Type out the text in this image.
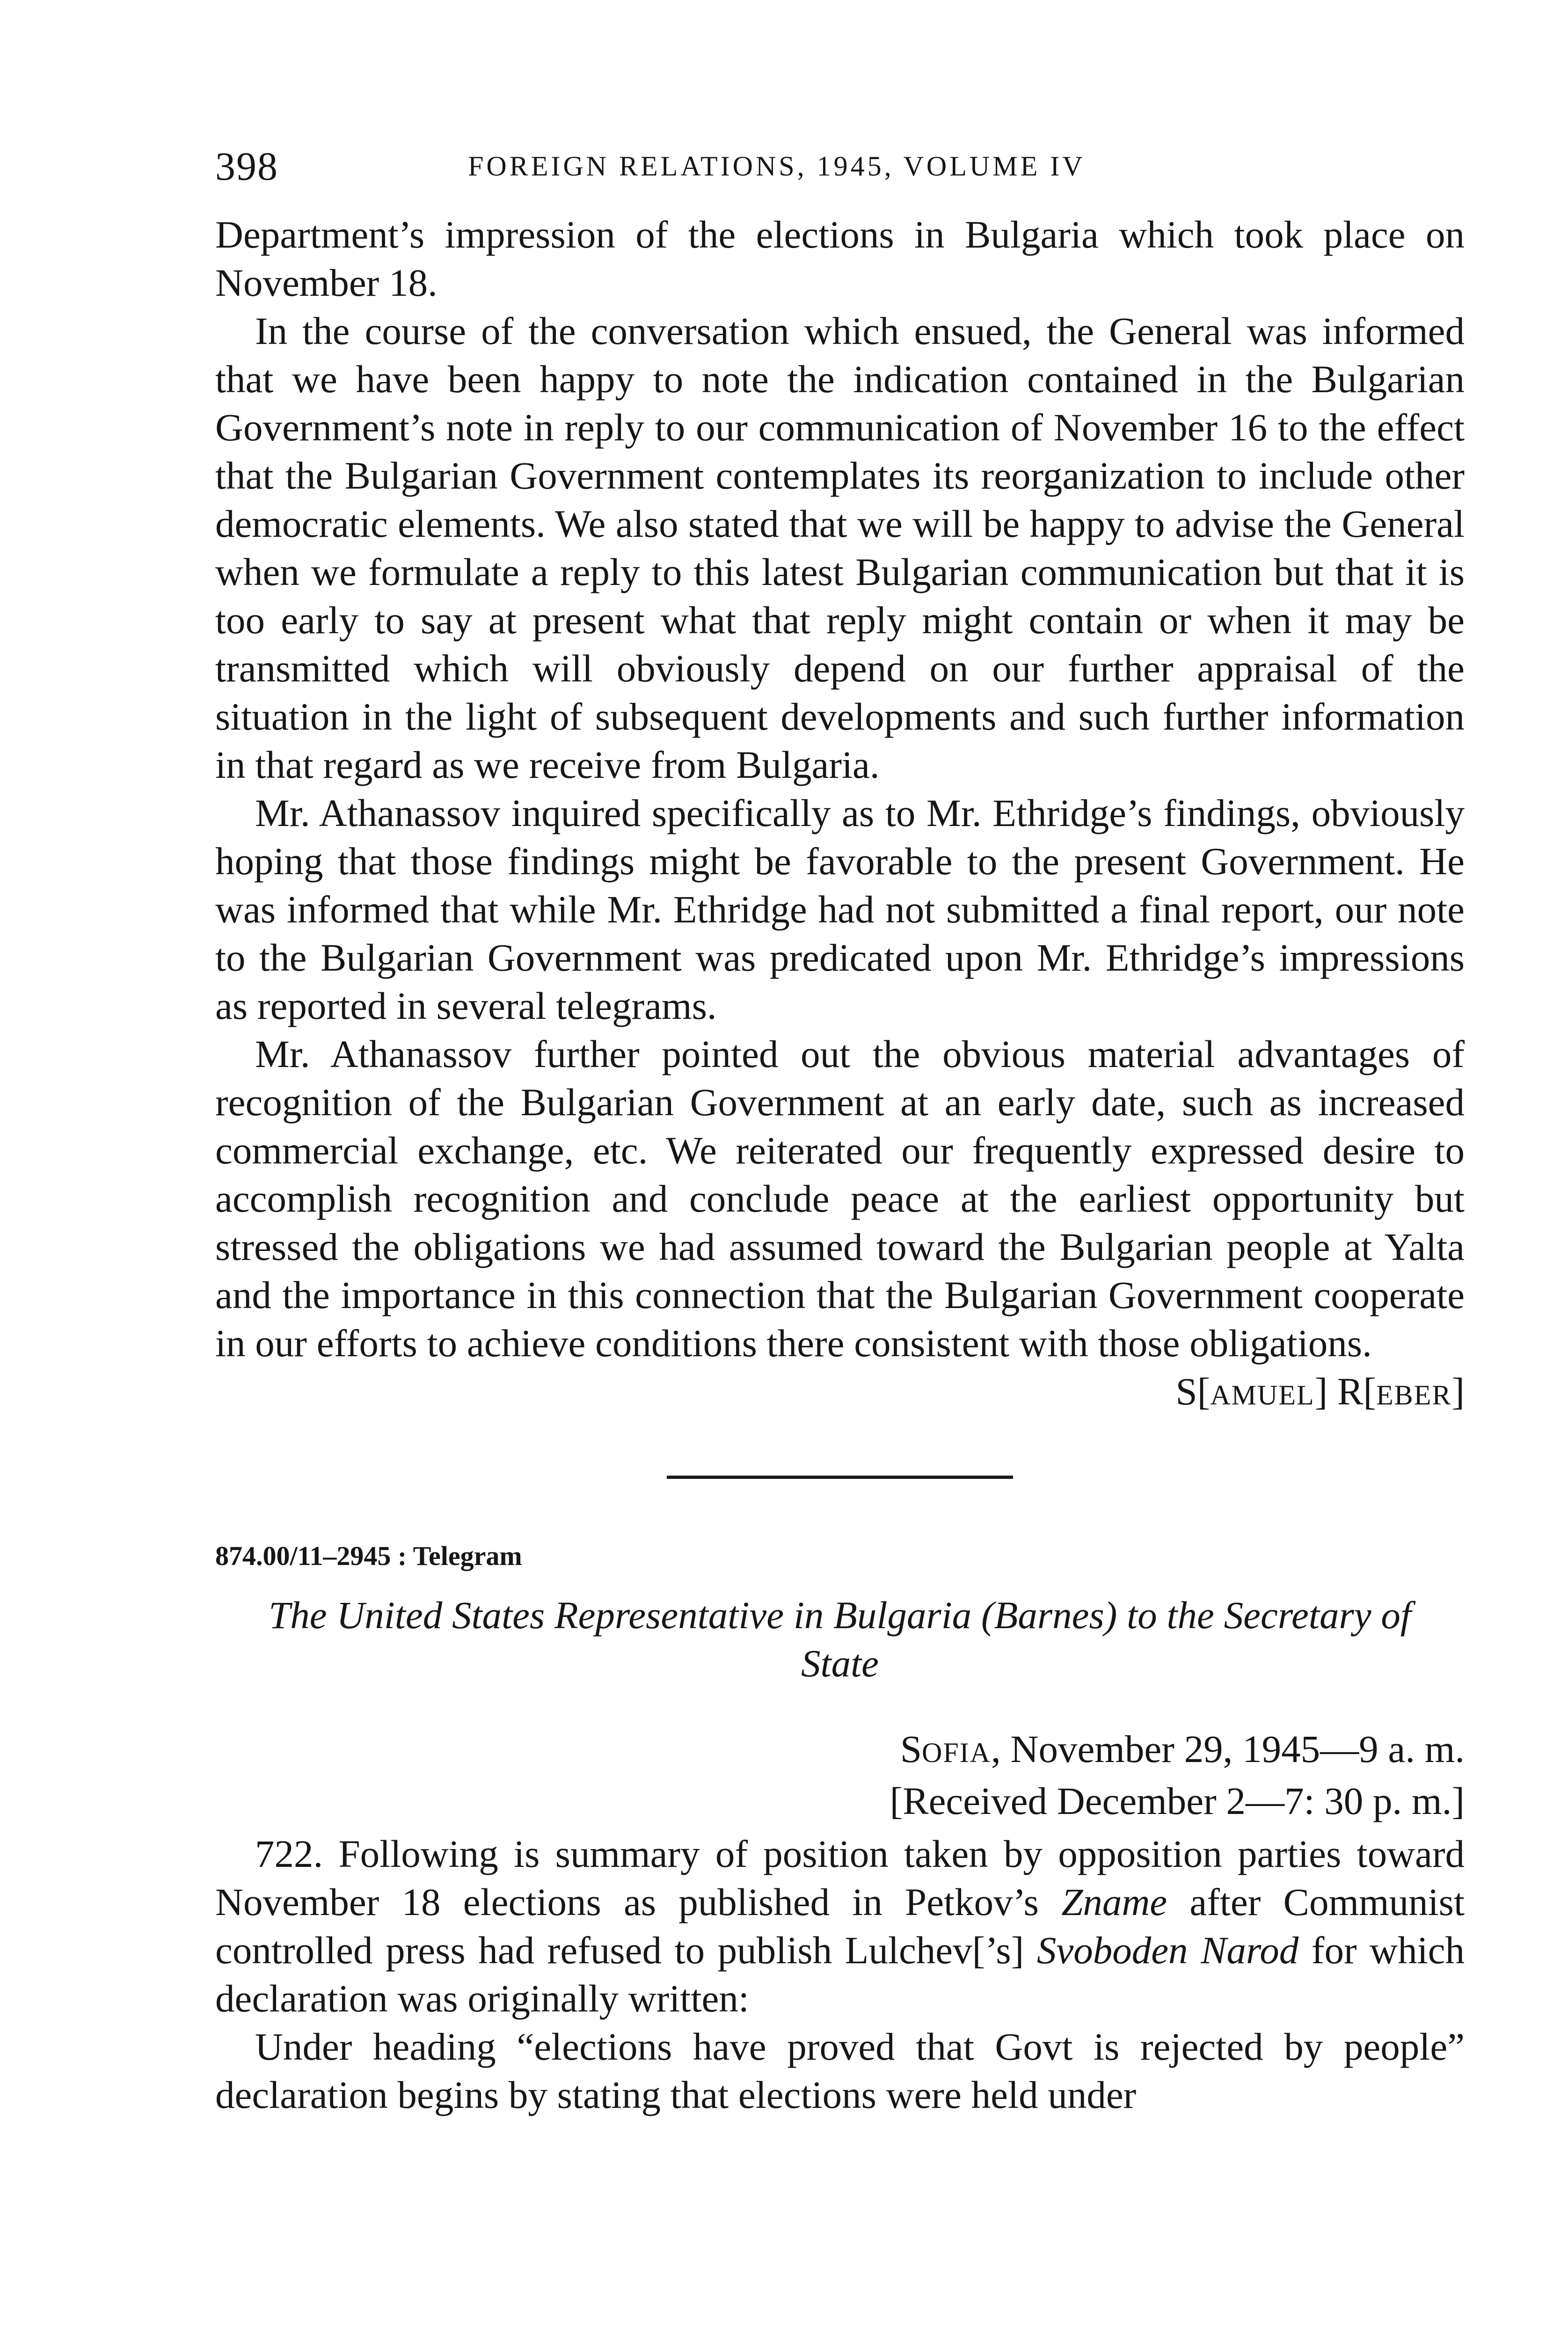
398	FOREIGN RELATIONS, 1945, VOLUME IV

Department’s impression of the elections in Bulgaria which took place on November 18.

In the course of the conversation which ensued, the General was informed that we have been happy to note the indication contained in the Bulgarian Government’s note in reply to our communication of November 16 to the effect that the Bulgarian Government contemplates its reorganization to include other democratic elements. We also stated that we will be happy to advise the General when we formulate a reply to this latest Bulgarian communication but that it is too early to say at present what that reply might contain or when it may be transmitted which will obviously depend on our further appraisal of the situation in the light of subsequent developments and such further information in that regard as we receive from Bulgaria.

Mr. Athanassov inquired specifically as to Mr. Ethridge’s findings, obviously hoping that those findings might be favorable to the present Government. He was informed that while Mr. Ethridge had not submitted a final report, our note to the Bulgarian Government was predicated upon Mr. Ethridge’s impressions as reported in several telegrams.

Mr. Athanassov further pointed out the obvious material advantages of recognition of the Bulgarian Government at an early date, such as increased commercial exchange, etc. We reiterated our frequently expressed desire to accomplish recognition and conclude peace at the earliest opportunity but stressed the obligations we had assumed toward the Bulgarian people at Yalta and the importance in this connection that the Bulgarian Government cooperate in our efforts to achieve conditions there consistent with those obligations.

S[AMUEL] R[EBER]

874.00/11–2945 : Telegram

The United States Representative in Bulgaria (Barnes) to the Secretary of State

SOFIA, November 29, 1945—9 a. m.

[Received December 2—7: 30 p. m.]

722. Following is summary of position taken by opposition parties toward November 18 elections as published in Petkov’s Zname after Communist controlled press had refused to publish Lulchev[’s] Svoboden Narod for which declaration was originally written:

Under heading “elections have proved that Govt is rejected by people” declaration begins by stating that elections were held under
